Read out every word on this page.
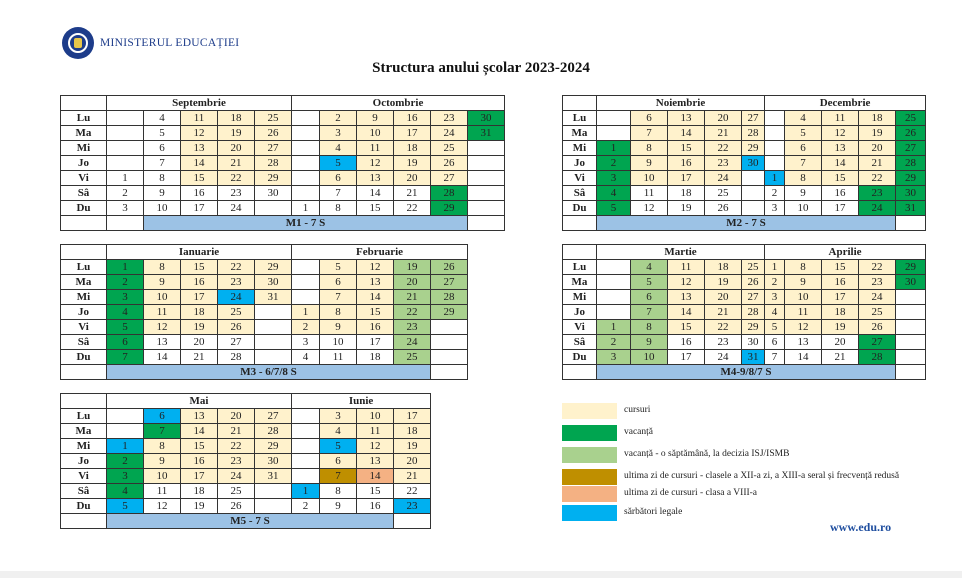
MINISTERUL EDUCAȚIEI
Structura anului școlar 2023-2024
	Septembrie					Octombrie					
Lu		4	11	18	25		2	9	16	23	30
Ma		5	12	19	26		3	10	17	24	31
Mi		6	13	20	27		4	11	18	25	
Jo		7	14	21	28		5	12	19	26	
Vi	1	8	15	22	29		6	13	20	27	
Sâ	2	9	16	23	30		7	14	21	28	
Du	3	10	17	24		1	8	15	22	29	
		M1 - 7 S									
	Noiembrie					Decembrie				
Lu		6	13	20	27		4	11	18	25
Ma		7	14	21	28		5	12	19	26
Mi	1	8	15	22	29		6	13	20	27
Jo	2	9	16	23	30		7	14	21	28
Vi	3	10	17	24		1	8	15	22	29
Sâ	4	11	18	25		2	9	16	23	30
Du	5	12	19	26		3	10	17	24	31
	M2 - 7 S									
	Ianuarie					Februarie				
Lu	1	8	15	22	29		5	12	19	26
Ma	2	9	16	23	30		6	13	20	27
Mi	3	10	17	24	31		7	14	21	28
Jo	4	11	18	25		1	8	15	22	29
Vi	5	12	19	26		2	9	16	23	
Sâ	6	13	20	27		3	10	17	24	
Du	7	14	21	28		4	11	18	25	
	M3 - 6/7/8 S									
	Martie					Aprilie				
Lu		4	11	18	25	1	8	15	22	29
Ma		5	12	19	26	2	9	16	23	30
Mi		6	13	20	27	3	10	17	24	
Jo		7	14	21	28	4	11	18	25	
Vi	1	8	15	22	29	5	12	19	26	
Sâ	2	9	16	23	30	6	13	20	27	
Du	3	10	17	24	31	7	14	21	28	
	M4-9/8/7 S									
	Mai					Iunie			
Lu		6	13	20	27		3	10	17
Ma		7	14	21	28		4	11	18
Mi	1	8	15	22	29		5	12	19
Jo	2	9	16	23	30		6	13	20
Vi	3	10	17	24	31		7	14	21
Sâ	4	11	18	25		1	8	15	22
Du	5	12	19	26		2	9	16	23
	M5 - 7 S								
cursuri
vacanță
vacanță - o săptămână, la decizia ISJ/ISMB
ultima zi de cursuri - clasele a XII-a zi, a XIII-a seral și frecvență redusă
ultima zi de cursuri - clasa a VIII-a
sărbători legale
www.edu.ro
